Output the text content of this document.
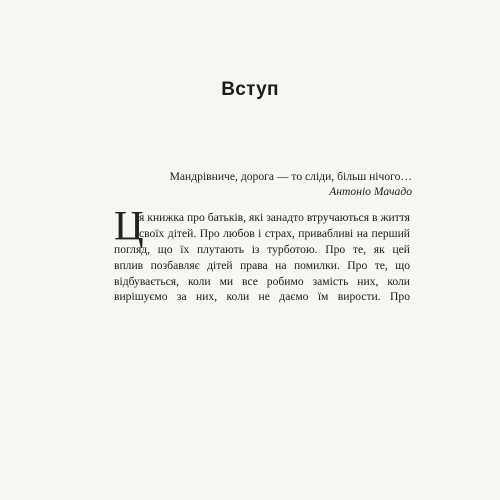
Вступ
Мандрівниче, дорога — то сліди, більш нічого…
Антоніо Мачадо
Ц
я книжка про батьків, які занадто втручаються в життя
своїх дітей. Про любов і страх, привабливі на перший
погляд, що їх плутають із турботою. Про те, як цей
вплив позбавляє дітей права на помилки. Про те, що
відбувається, коли ми все робимо замість них, коли
вирішуємо за них, коли не даємо їм вирости. Про
